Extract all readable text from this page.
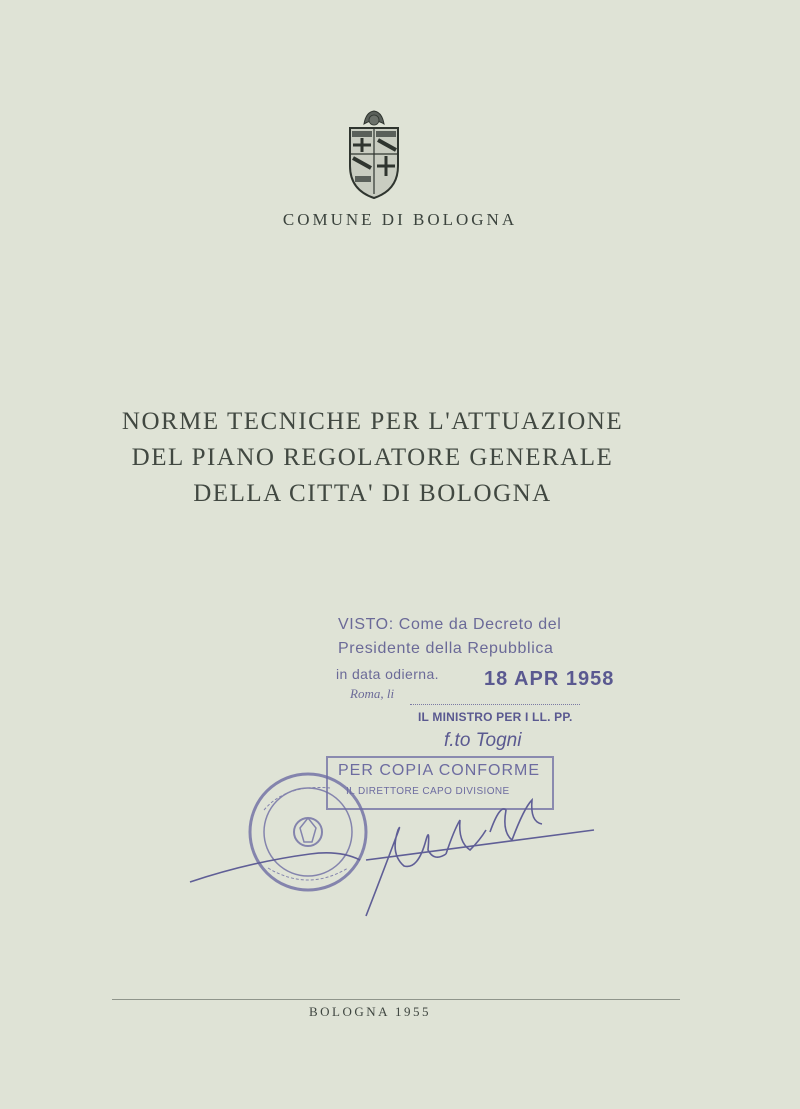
COMUNE DI BOLOGNA
NORME TECNICHE PER L'ATTUAZIONE
DEL PIANO REGOLATORE GENERALE
DELLA CITTA' DI BOLOGNA
VISTO: Come da Decreto del
Presidente della Repubblica
in data odierna.
Roma, li
18 APR 1958
IL MINISTRO PER I LL. PP.
f.to Togni
PER COPIA CONFORME
IL DIRETTORE CAPO DIVISIONE
BOLOGNA 1955
